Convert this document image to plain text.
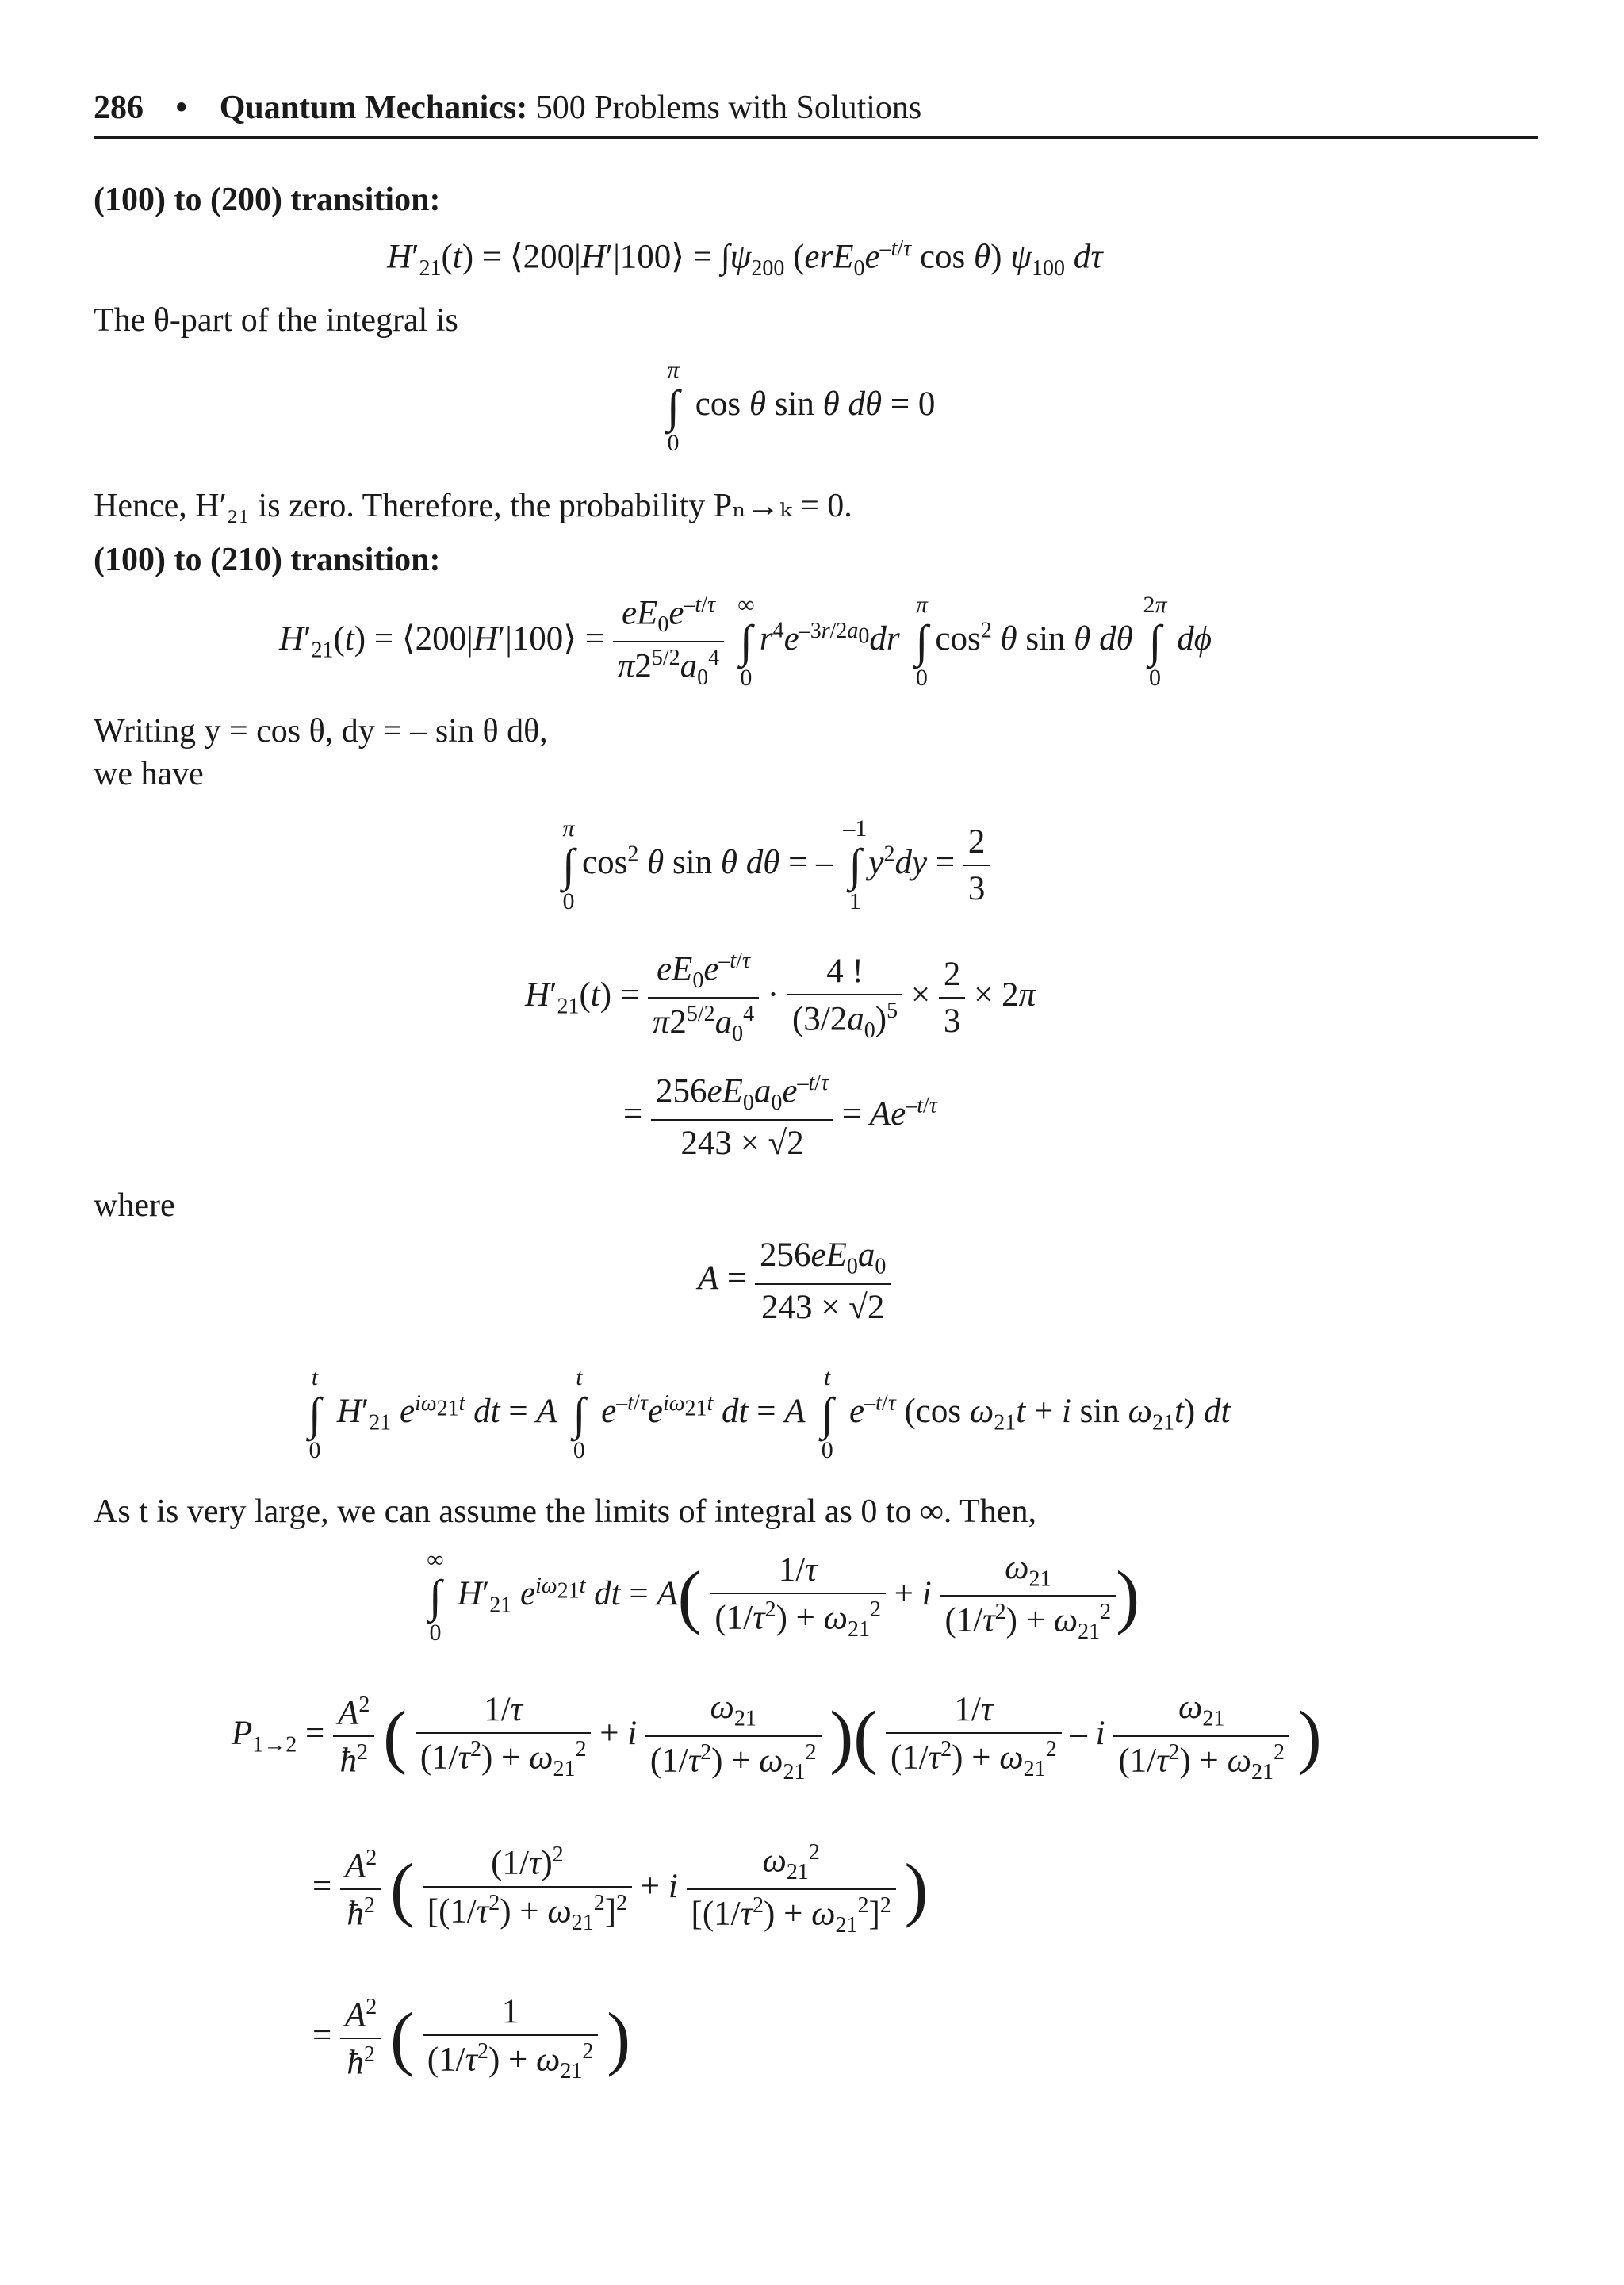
286 • Quantum Mechanics: 500 Problems with Solutions
(100) to (200) transition:
$H'_{21}(t)$ = ⟨200|H′|100⟩ = $\int\psi_{200}$ ($erE_0e^{-t/\tau}$ cos θ) $\psi_{100}$ dτ
The θ-part of the integral is
π
∫
0
cos θ sin θ dθ = 0
Hence, H′₂₁ is zero. Therefore, the probability Pₙ→ₖ = 0.
(100) to (210) transition:
$H'_{21}(t)$ = ⟨200|H′|100⟩ = $\frac{eE_0e^{-t/\tau}}{\pi 2^{5/2}a_0^4}$
∞
∫
0
$r^4e^{-3r/2a_0}dr$
π
∫
0
$\cos^2 \theta$ sin θ dθ
2π
∫
0
dϕ
Writing y = cos θ, dy = – sin θ dθ,
we have
π
∫
0
$\cos^2 \theta$ sin θ dθ = –
–1
∫
1
$y^2dy = \frac{2}{3}$
$H'_{21}(t) = \frac{eE_0e^{-t/\tau}}{\pi 2^{5/2}a_0^4} \cdot \frac{4 !}{(3/2a_0)^5} \times \frac{2}{3} \times 2\pi$
= $\frac{256eE_0a_0e^{-t/\tau}}{243 \times √2} = Ae^{-t/\tau}$
where
$A = \frac{256eE_0a_0}{243 \times √2}$
t
∫
0
$H'_{21}$ $e^{i\omega_{21}t}$ dt = A
t
∫
0
$e^{-t/\tau}e^{i\omega_{21}t}$ dt = A
t
∫
0
$e^{-t/\tau}$ (cos $\omega_{21}t + i$ $\sin \omega_{21}t$) dt
As t is very large, we can assume the limits of integral as 0 to ∞. Then,
∞
∫
0
$H'_{21}$ $e^{i\omega_{21}t}$ dt = $A( \frac{1/\tau}{(1/\tau^2) + \omega_{21}^2} + i \frac{\omega_{21}}{(1/\tau^2) + \omega_{21}^2}$ )
$P_{1\to 2} = \frac{A^2}{ħ^2}$ ( $\frac{1/\tau}{(1/\tau^2) + \omega_{21}^2} + i \frac{\omega_{21}}{(1/\tau^2) + \omega_{21}^2}$ )( $\frac{1/\tau}{(1/\tau^2) + \omega_{21}^2}$ – i $\frac{\omega_{21}}{(1/\tau^2) + \omega_{21}^2}$ )
= $\frac{A^2}{ħ^2}$ ( $\frac{(1/\tau)^2}{[(1/\tau^2) + \omega_{21}^2]^2} + i \frac{\omega_{21}^2}{[(1/\tau^2) + \omega_{21}^2]^2}$ )
= $\frac{A^2}{ħ^2}$ ( $\frac{1}{(1/\tau^2) + \omega_{21}^2}$ )
